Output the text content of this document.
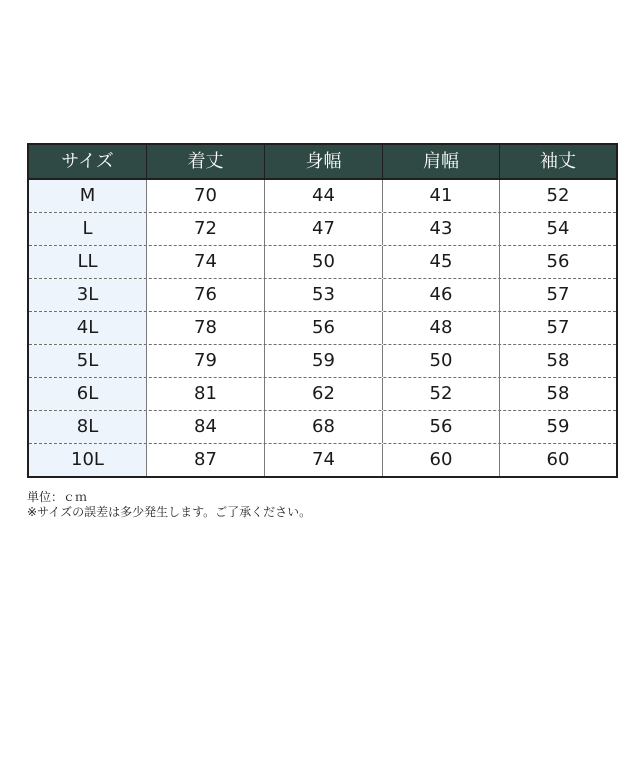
サイズ	着丈	身幅	肩幅	袖丈
M	70	44	41	52
L	72	47	43	54
LL	74	50	45	56
3L	76	53	46	57
4L	78	56	48	57
5L	79	59	50	58
6L	81	62	52	58
8L	84	68	56	59
10L	87	74	60	60
単位：ｃｍ
※サイズの誤差は多少発生します。ご了承ください。
